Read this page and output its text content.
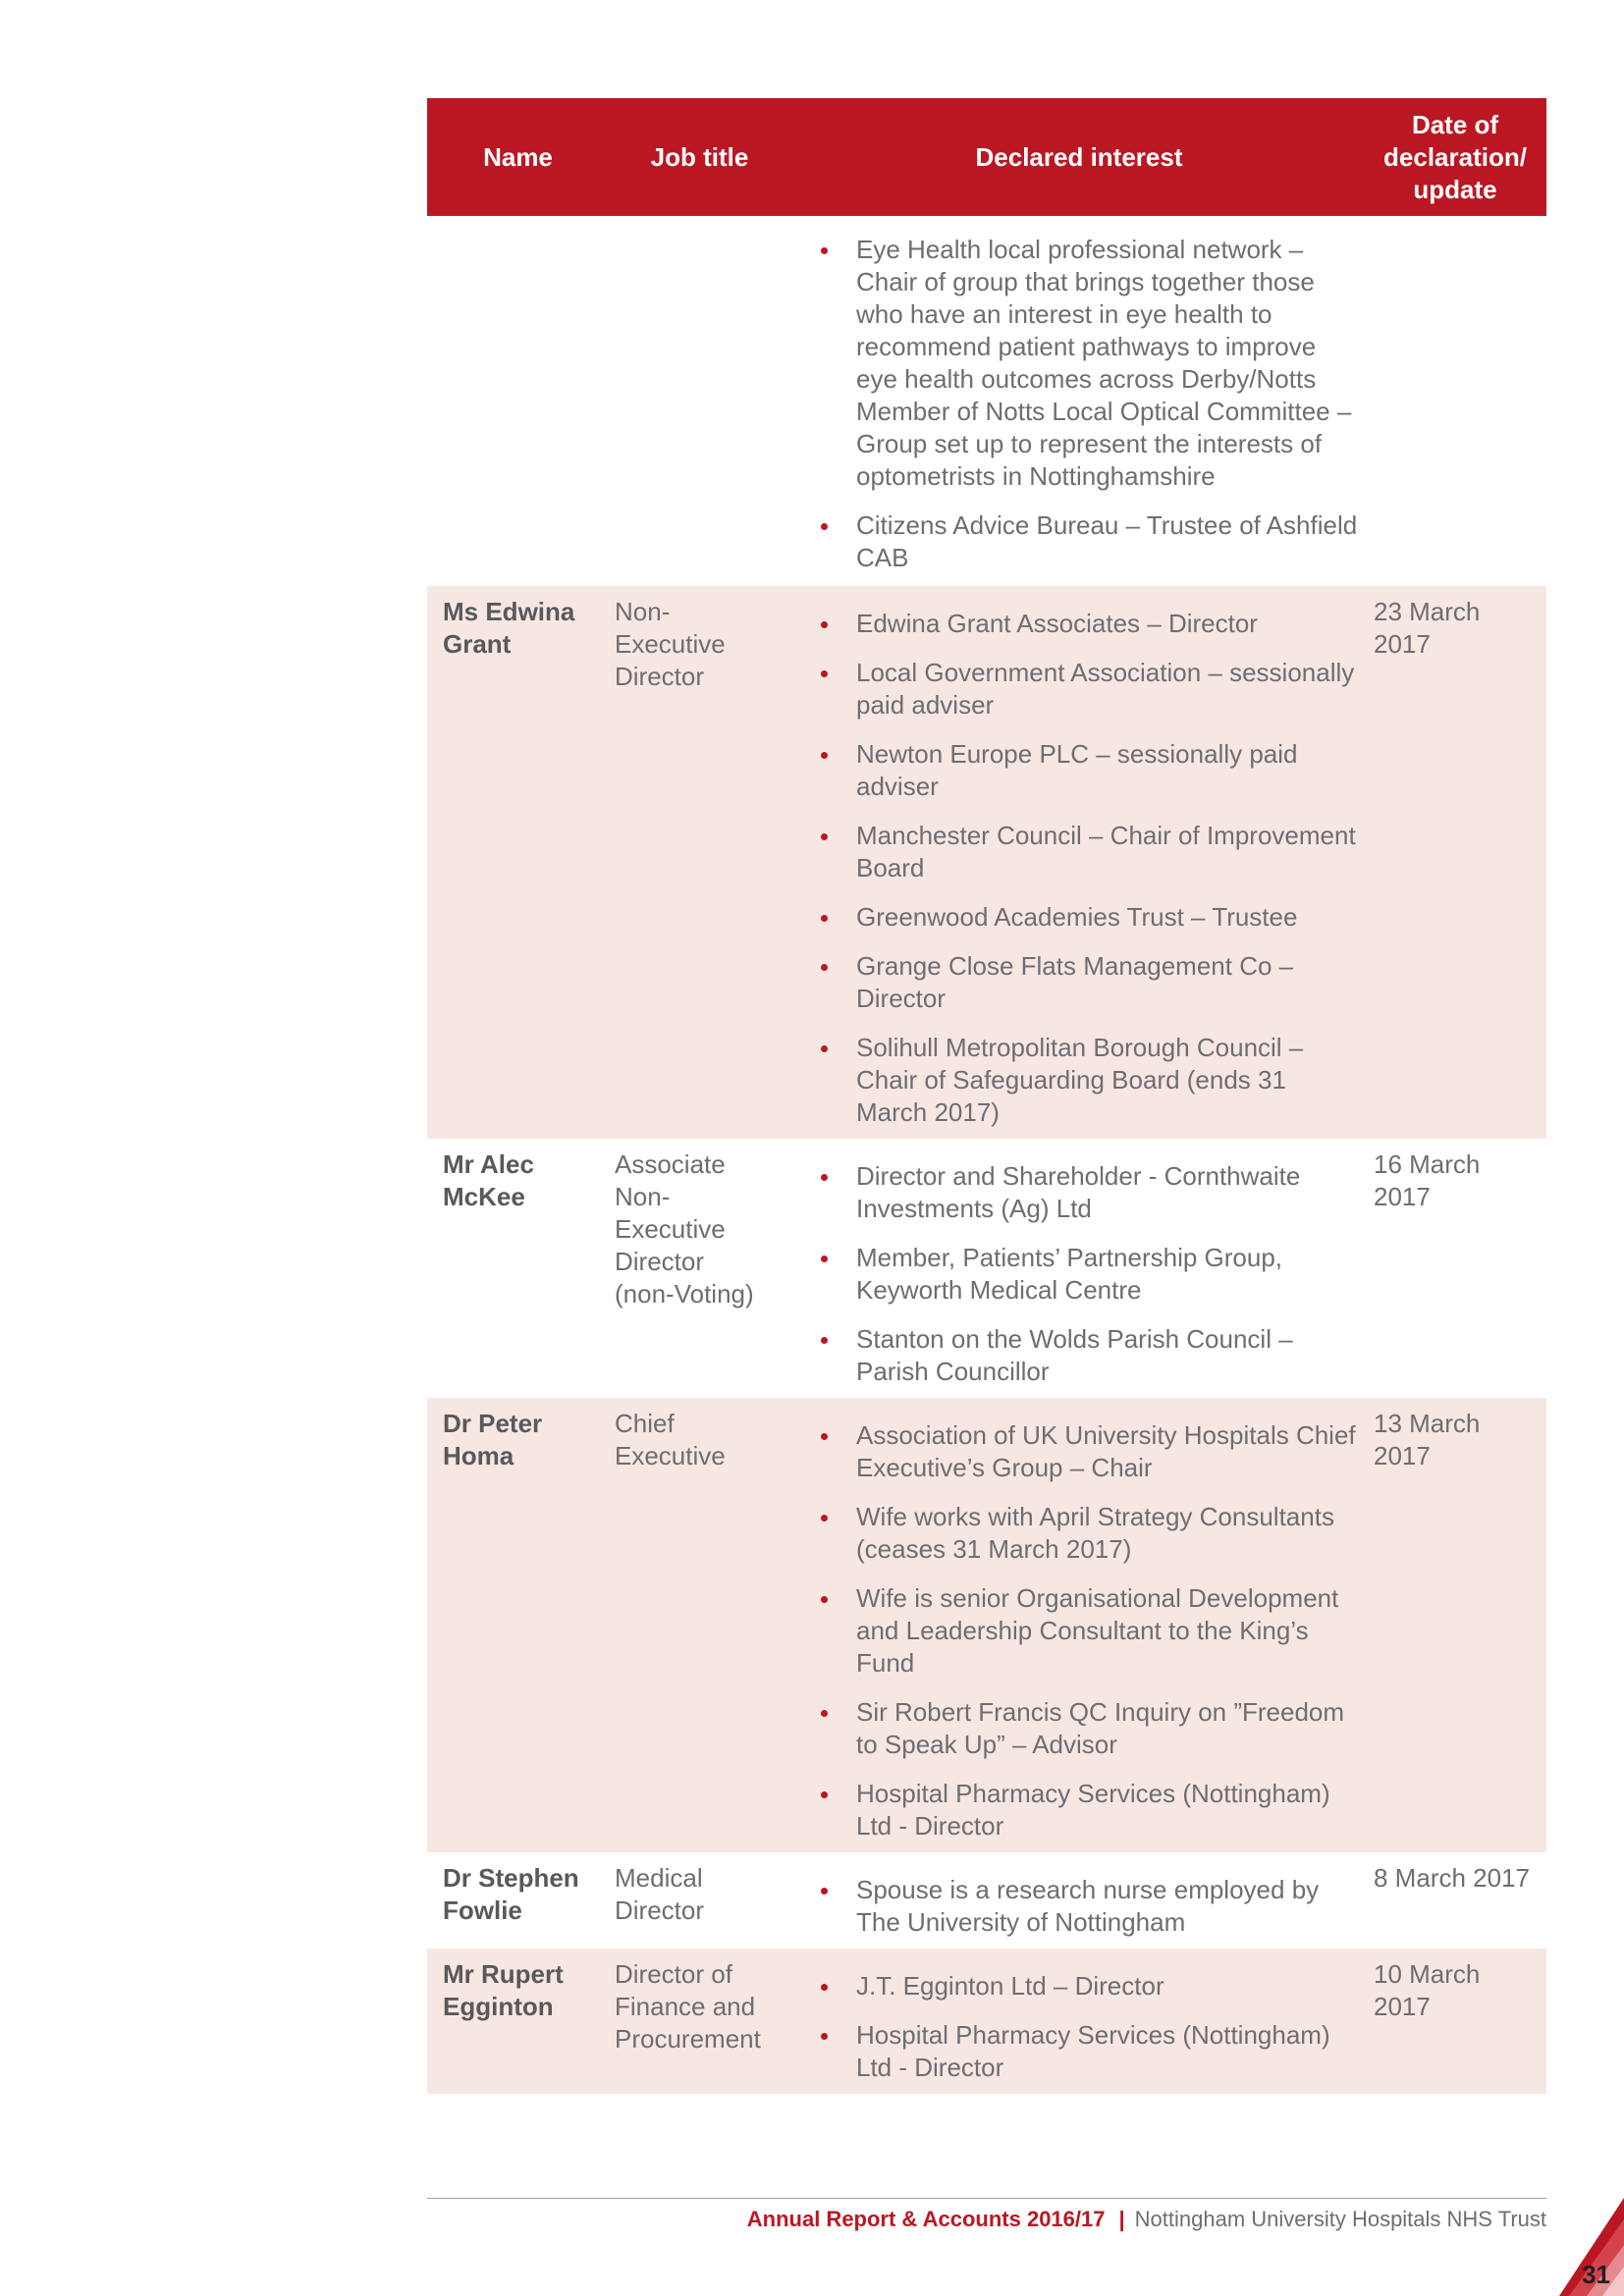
Name	Job title	Declared interest
Date of
declaration/
update
Eye Health local professional network – Chair of group that brings together those who have an interest in eye health to recommend patient pathways to improve eye health outcomes across Derby/Notts Member of Notts Local Optical Committee – Group set up to represent the interests of optometrists in Nottinghamshire
Citizens Advice Bureau – Trustee of Ashfield CAB
Ms Edwina
Grant
Non-
Executive
Director
Edwina Grant Associates – Director
Local Government Association – sessionally paid adviser
Newton Europe PLC – sessionally paid adviser
Manchester Council – Chair of Improvement Board
Greenwood Academies Trust – Trustee
Grange Close Flats Management Co – Director
Solihull Metropolitan Borough Council – Chair of Safeguarding Board (ends 31 March 2017)
23 March
2017
Mr Alec
McKee
Associate
Non-
Executive
Director
(non-Voting)
Director and Shareholder - Cornthwaite Investments (Ag) Ltd
Member, Patients’ Partnership Group, Keyworth Medical Centre
Stanton on the Wolds Parish Council – Parish Councillor
16 March
2017
Dr Peter
Homa
Chief
Executive
Association of UK University Hospitals Chief Executive’s Group – Chair
Wife works with April Strategy Consultants (ceases 31 March 2017)
Wife is senior Organisational Development and Leadership Consultant to the King’s Fund
Sir Robert Francis QC Inquiry on ”Freedom to Speak Up” – Advisor
Hospital Pharmacy Services (Nottingham) Ltd - Director
13 March
2017
Dr Stephen
Fowlie
Medical
Director
Spouse is a research nurse employed by The University of Nottingham
8 March 2017
Mr Rupert
Egginton
Director of
Finance and
Procurement
J.T. Egginton Ltd – Director
Hospital Pharmacy Services (Nottingham) Ltd - Director
10 March
2017
Annual Report & Accounts 2016/17 | Nottingham University Hospitals NHS Trust
31
